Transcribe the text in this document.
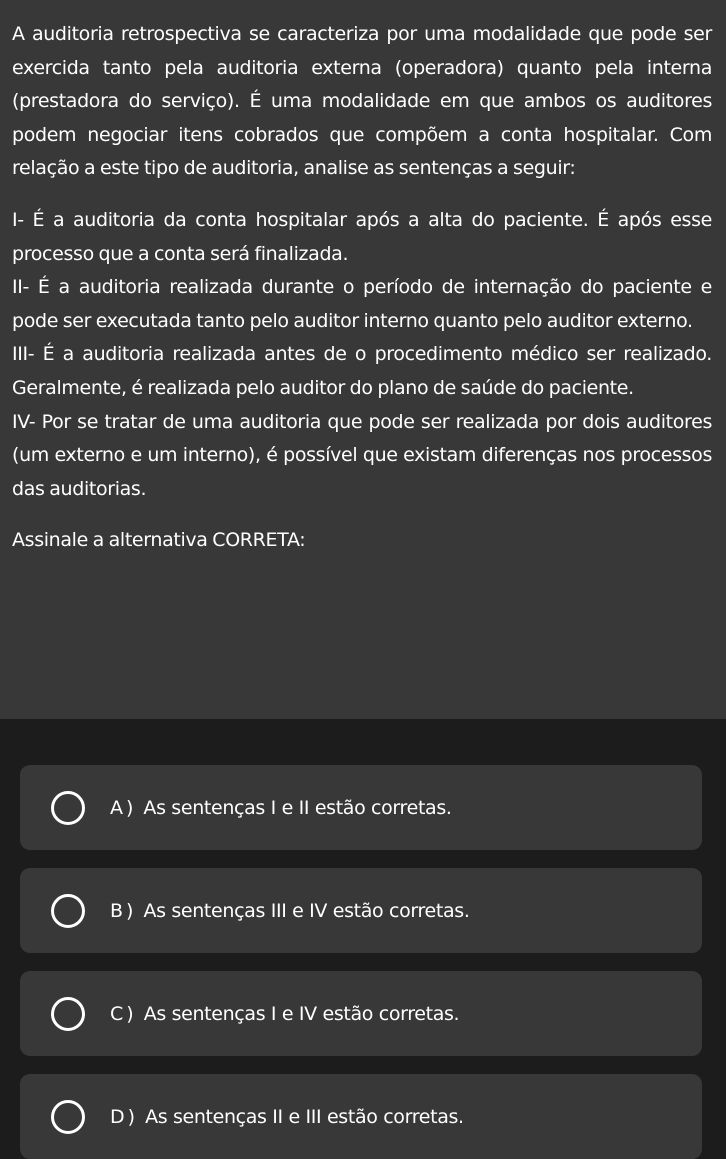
A auditoria retrospectiva se caracteriza por uma modalidade que pode ser exercida tanto pela auditoria externa (operadora) quanto pela interna (prestadora do serviço). É uma modalidade em que ambos os auditores podem negociar itens cobrados que compõem a conta hospitalar. Com relação a este tipo de auditoria, analise as sentenças a seguir:

I- É a auditoria da conta hospitalar após a alta do paciente. É após esse processo que a conta será finalizada.

II- É a auditoria realizada durante o período de internação do paciente e pode ser executada tanto pelo auditor interno quanto pelo auditor externo.

III- É a auditoria realizada antes de o procedimento médico ser realizado. Geralmente, é realizada pelo auditor do plano de saúde do paciente.

IV- Por se tratar de uma auditoria que pode ser realizada por dois auditores (um externo e um interno), é possível que existam diferenças nos processos das auditorias.

Assinale a alternativa CORRETA:

A ) As sentenças I e II estão corretas.
B ) As sentenças III e IV estão corretas.
C ) As sentenças I e IV estão corretas.
D ) As sentenças II e III estão corretas.
